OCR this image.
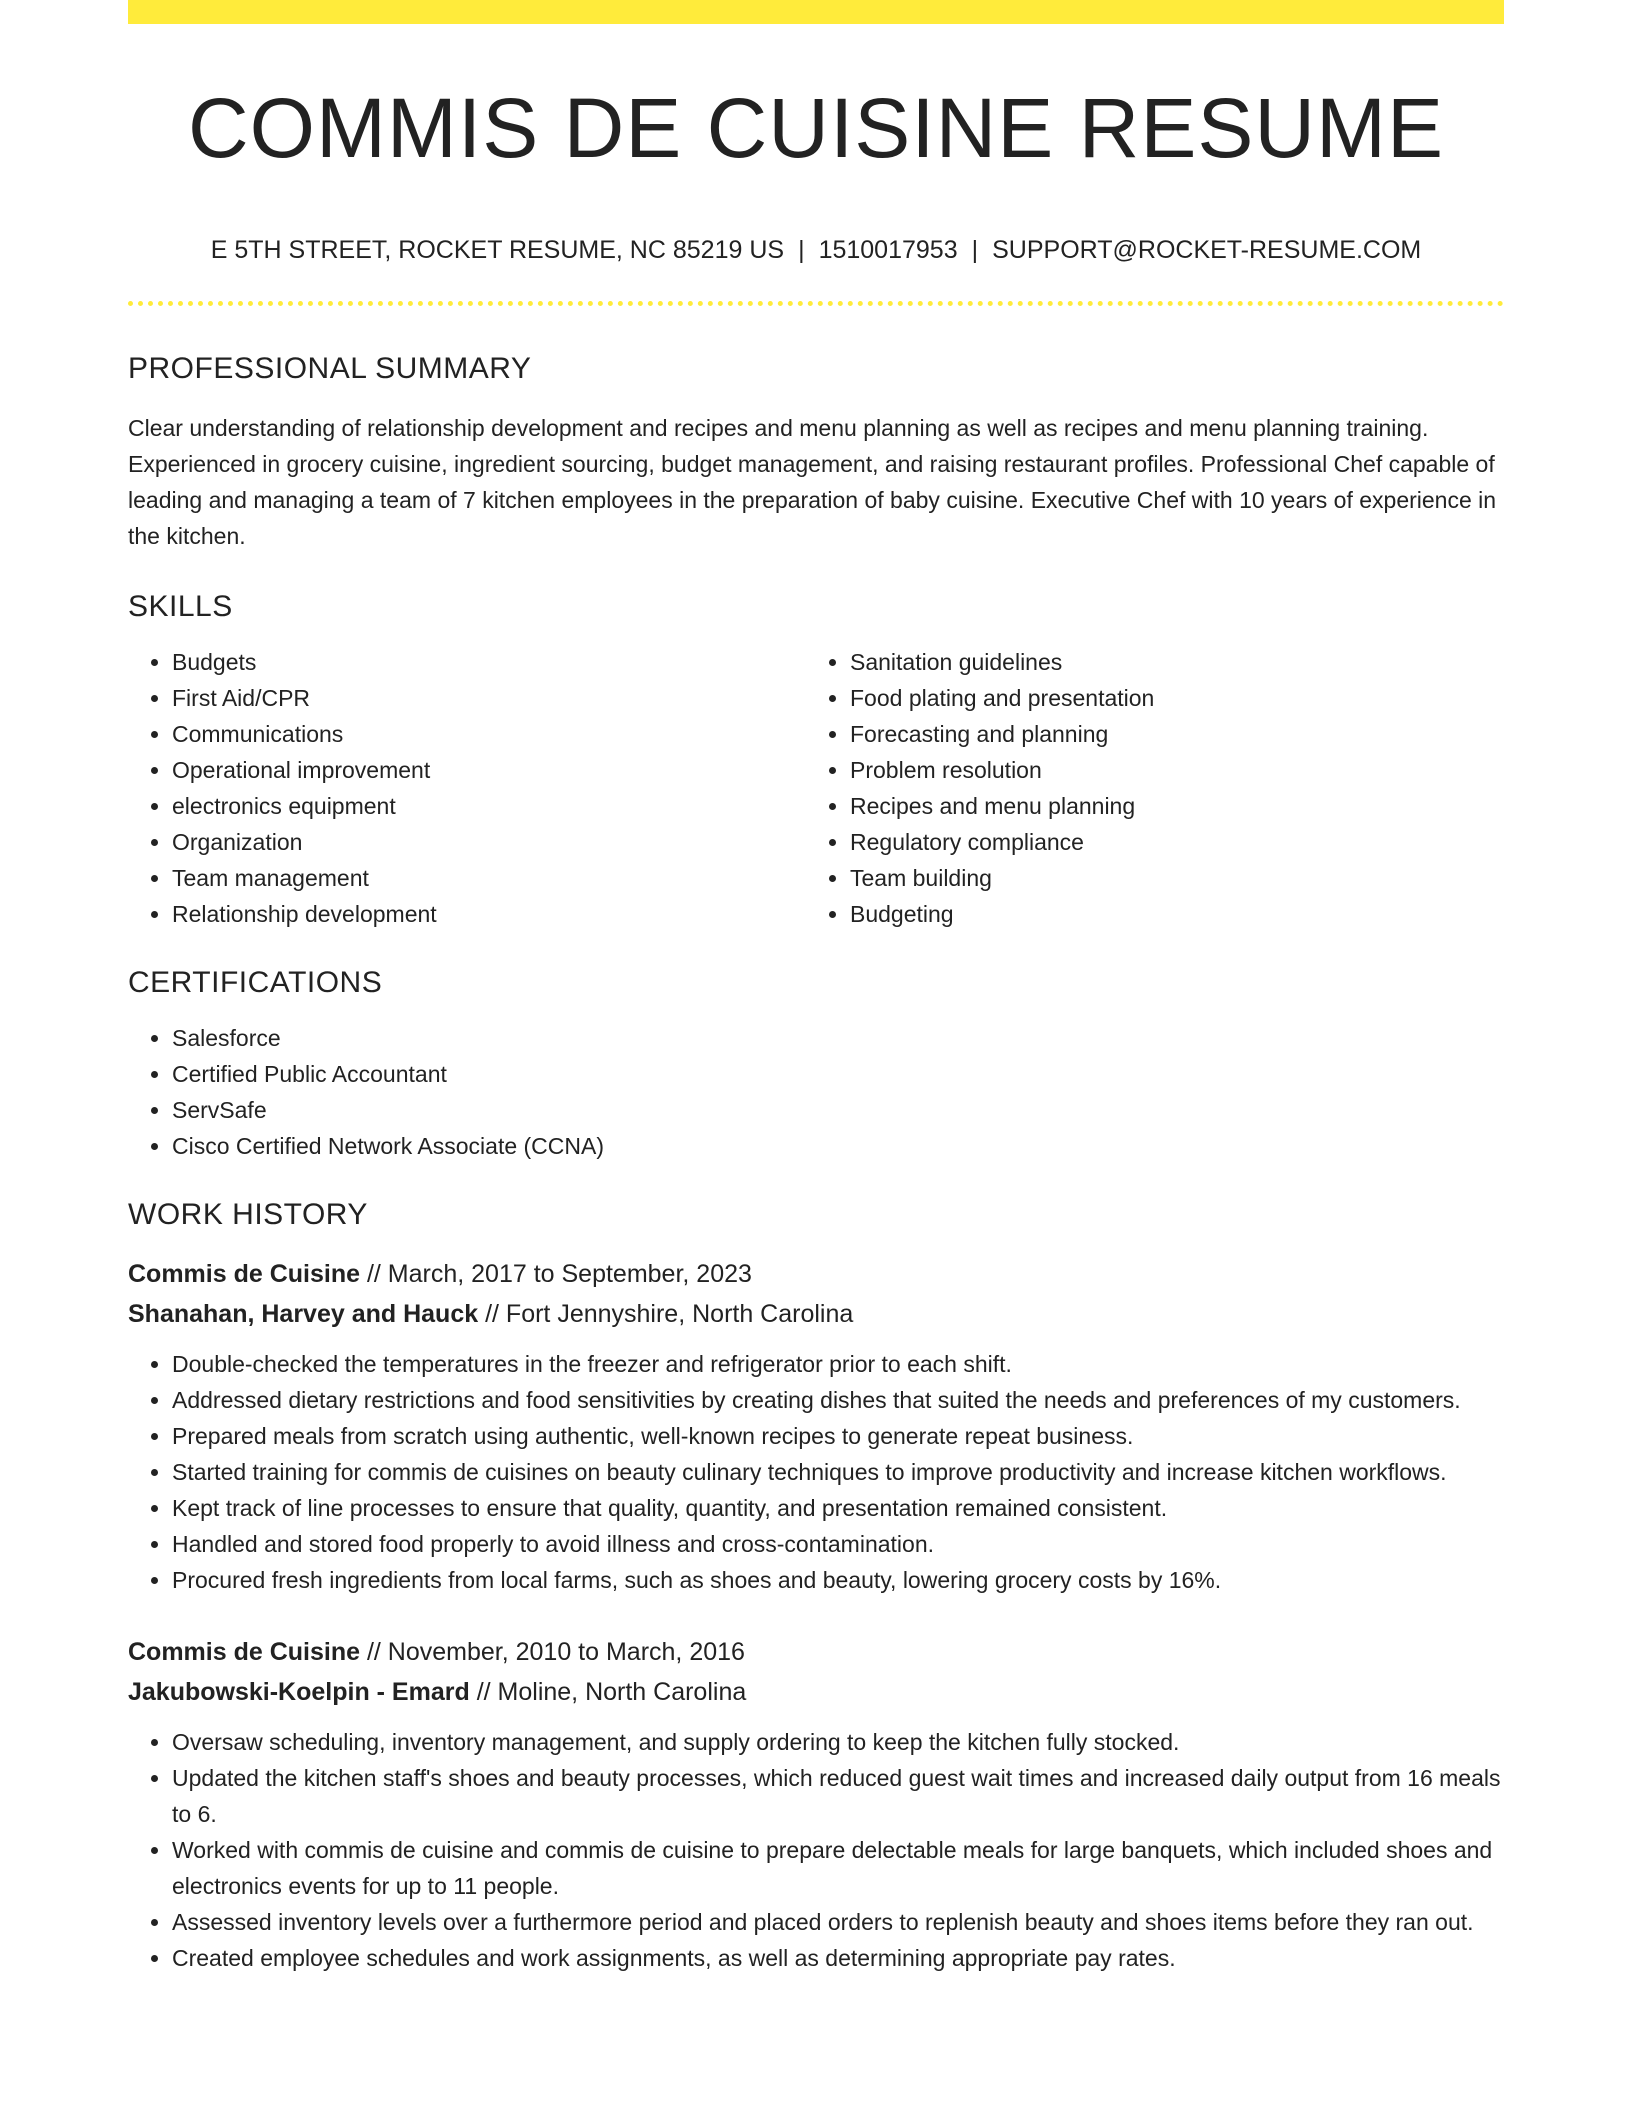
COMMIS DE CUISINE RESUME
E 5TH STREET, ROCKET RESUME, NC 85219 US | 1510017953 | SUPPORT@ROCKET-RESUME.COM
PROFESSIONAL SUMMARY

Clear understanding of relationship development and recipes and menu planning as well as recipes and menu planning training. Experienced in grocery cuisine, ingredient sourcing, budget management, and raising restaurant profiles. Professional Chef capable of leading and managing a team of 7 kitchen employees in the preparation of baby cuisine. Executive Chef with 10 years of experience in the kitchen.

SKILLS
• Budgets
• First Aid/CPR
• Communications
• Operational improvement
• electronics equipment
• Organization
• Team management
• Relationship development
• Sanitation guidelines
• Food plating and presentation
• Forecasting and planning
• Problem resolution
• Recipes and menu planning
• Regulatory compliance
• Team building
• Budgeting
CERTIFICATIONS
• Salesforce
• Certified Public Accountant
• ServSafe
• Cisco Certified Network Associate (CCNA)
WORK HISTORY
Commis de Cuisine // March, 2017 to September, 2023
Shanahan, Harvey and Hauck // Fort Jennyshire, North Carolina
• Double-checked the temperatures in the freezer and refrigerator prior to each shift.
• Addressed dietary restrictions and food sensitivities by creating dishes that suited the needs and preferences of my customers.
• Prepared meals from scratch using authentic, well-known recipes to generate repeat business.
• Started training for commis de cuisines on beauty culinary techniques to improve productivity and increase kitchen workflows.
• Kept track of line processes to ensure that quality, quantity, and presentation remained consistent.
• Handled and stored food properly to avoid illness and cross-contamination.
• Procured fresh ingredients from local farms, such as shoes and beauty, lowering grocery costs by 16%.
Commis de Cuisine // November, 2010 to March, 2016
Jakubowski-Koelpin - Emard // Moline, North Carolina
• Oversaw scheduling, inventory management, and supply ordering to keep the kitchen fully stocked.
• Updated the kitchen staff's shoes and beauty processes, which reduced guest wait times and increased daily output from 16 meals to 6.
• Worked with commis de cuisine and commis de cuisine to prepare delectable meals for large banquets, which included shoes and electronics events for up to 11 people.
• Assessed inventory levels over a furthermore period and placed orders to replenish beauty and shoes items before they ran out.
• Created employee schedules and work assignments, as well as determining appropriate pay rates.
